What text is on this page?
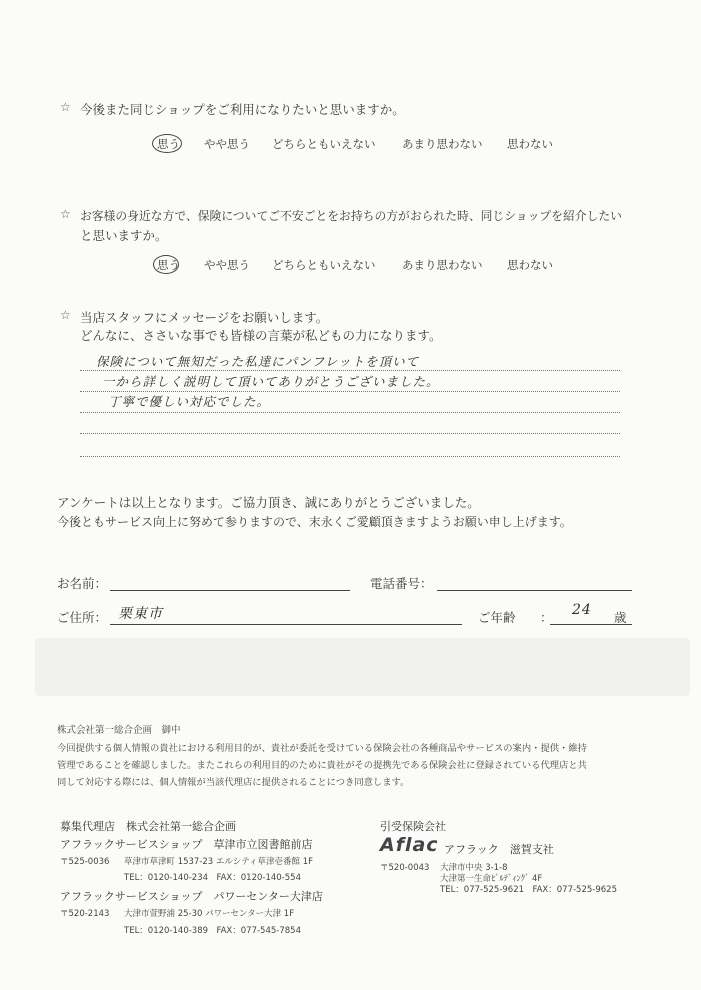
☆ 今後また同じショップをご利用になりたいと思いますか。
思う やや思う どちらともいえない あまり思わない 思わない
☆ お客様の身近な方で、保険についてご不安ごとをお持ちの方がおられた時、同じショップを紹介したい
と思いますか。
思う やや思う どちらともいえない あまり思わない 思わない
☆ 当店スタッフにメッセージをお願いします。
どんなに、ささいな事でも皆様の言葉が私どもの力になります。
保険について無知だった私達にパンフレットを頂いて
一から詳しく説明して頂いてありがとうございました。
丁寧で優しい対応でした。
アンケートは以上となります。ご協力頂き、誠にありがとうございました。
今後ともサービス向上に努めて参りますので、末永くご愛顧頂きますようお願い申し上げます。
お名前：	電話番号：
ご住所： 栗東市	ご年齢 ： 24 歳
株式会社第一総合企画　御中
今回提供する個人情報の貴社における利用目的が、貴社が委託を受けている保険会社の各種商品やサービスの案内・提供・維持
管理であることを確認しました。またこれらの利用目的のために貴社がその提携先である保険会社に登録されている代理店と共
同して対応する際には、個人情報が当該代理店に提供されることにつき同意します。
募集代理店　株式会社第一総合企画
アフラックサービスショップ　草津市立図書館前店
〒525-0036 草津市草津町 1537-23 エルシティ草津壱番館 1F
TEL：0120-140-234　FAX：0120-140-554
アフラックサービスショップ　パワーセンター大津店
〒520-2143 大津市萱野浦 25-30 パワーセンター大津 1F
TEL：0120-140-389　FAX：077-545-7854
引受保険会社
Aflac アフラック　滋賀支社
〒520-0043 大津市中央 3-1-8
大津第一生命ﾋﾞﾙﾃﾞｨﾝｸﾞ 4F
TEL：077-525-9621　FAX：077-525-9625
